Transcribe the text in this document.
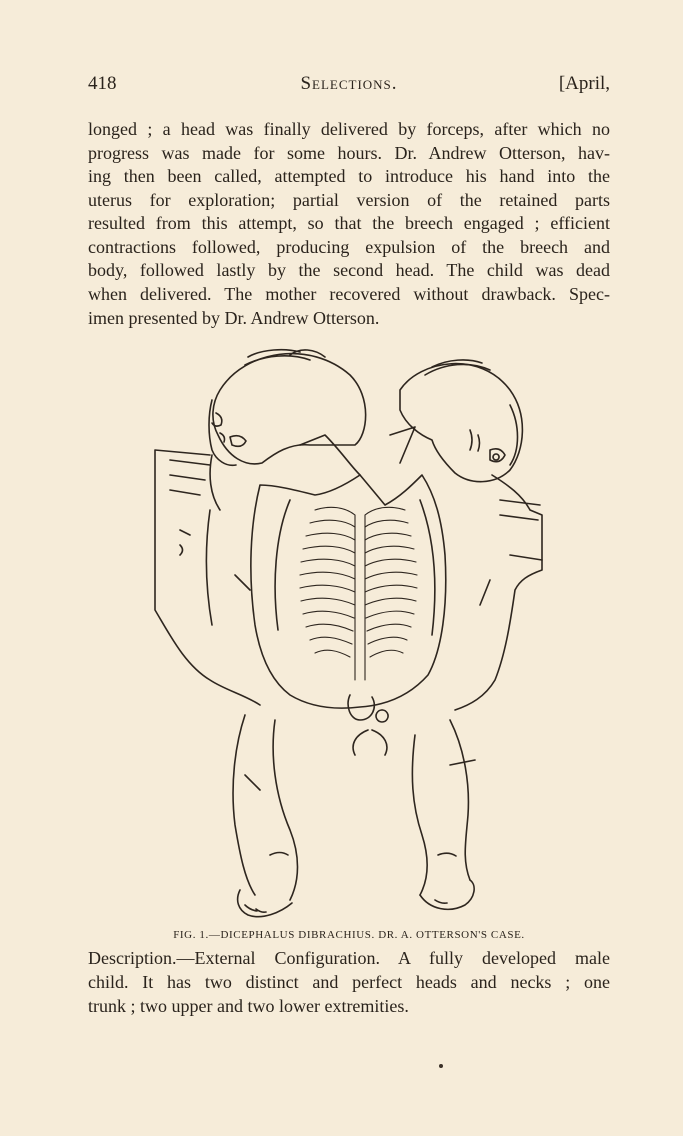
418	Selections.	[April,
longed ; a head was finally delivered by forceps, after which no
progress was made for some hours. Dr. Andrew Otterson, hav-
ing then been called, attempted to introduce his hand into the
uterus for exploration; partial version of the retained parts
resulted from this attempt, so that the breech engaged ; efficient
contractions followed, producing expulsion of the breech and
body, followed lastly by the second head. The child was dead
when delivered. The mother recovered without drawback. Spec-
imen presented by Dr. Andrew Otterson.
FIG. 1.—DICEPHALUS DIBRACHIUS. DR. A. OTTERSON'S CASE.
Description.—External Configuration. A fully developed male
child. It has two distinct and perfect heads and necks ; one
trunk ; two upper and two lower extremities.
